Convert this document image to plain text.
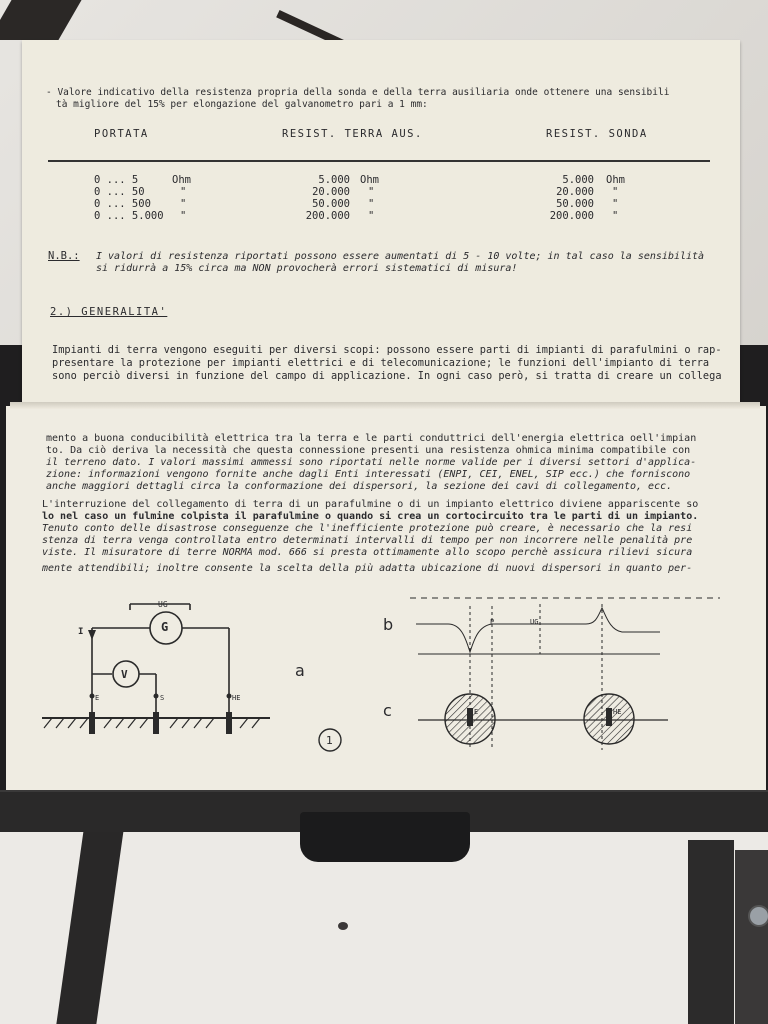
- Valore indicativo della resistenza propria della sonda e della terra ausiliaria onde ottenere una sensibili
tà migliore del 15% per elongazione del galvanometro pari a 1 mm:
PORTATA	RESIST. TERRA AUS.	RESIST. SONDA
0 ... 5	Ohm	5.000 Ohm	5.000 Ohm
0 ... 50	"	20.000 "	20.000 "
0 ... 500	"	50.000 "	50.000 "
0 ... 5.000 "	200.000 "	200.000 "
N.B.: I valori di resistenza riportati possono essere aumentati di 5 - 10 volte; in tal caso la sensibilità
si ridurrà a 15% circa ma NON provocherà errori sistematici di misura!
2.) GENERALITA'
Impianti di terra vengono eseguiti per diversi scopi: possono essere parti di impianti di parafulmini o rap-
presentare la protezione per impianti elettrici e di telecomunicazione; le funzioni dell'impianto di terra
sono perciò diversi in funzione del campo di applicazione. In ogni caso però, si tratta di creare un collega
mento a buona conducibilità elettrica tra la terra e le parti conduttrici dell'energia elettrica oell'impian
to. Da ciò deriva la necessità che questa connessione presenti una resistenza ohmica minima compatibile con
il terreno dato. I valori massimi ammessi sono riportati nelle norme valide per i diversi settori d'applica-
zione: informazioni vengono fornite anche dagli Enti interessati (ENPI, CEI, ENEL, SIP ecc.) che forniscono
anche maggiori dettagli circa la conformazione dei dispersori, la sezione dei cavi di collegamento, ecc.
L'interruzione del collegamento di terra di un parafulmine o di un impianto elettrico diviene appariscente so
lo nel caso un fulmine colpista il parafulmine o quando si crea un cortocircuito tra le parti di un impianto.
Tenuto conto delle disastrose conseguenze che l'inefficiente protezione può creare, è necessario che la resi
stenza di terra venga controllata entro determinati intervalli di tempo per non incorrere nelle penalità pre
viste. Il misuratore di terre NORMA mod. 666 si presta ottimamente allo scopo perchè assicura rilievi sicura
mente attendibili; inoltre consente la scelta della più adatta ubicazione di nuovi dispersori in quanto per-
UG
G
V
I
E	S	HE
a
b
c
P	UG
E	HE
1
